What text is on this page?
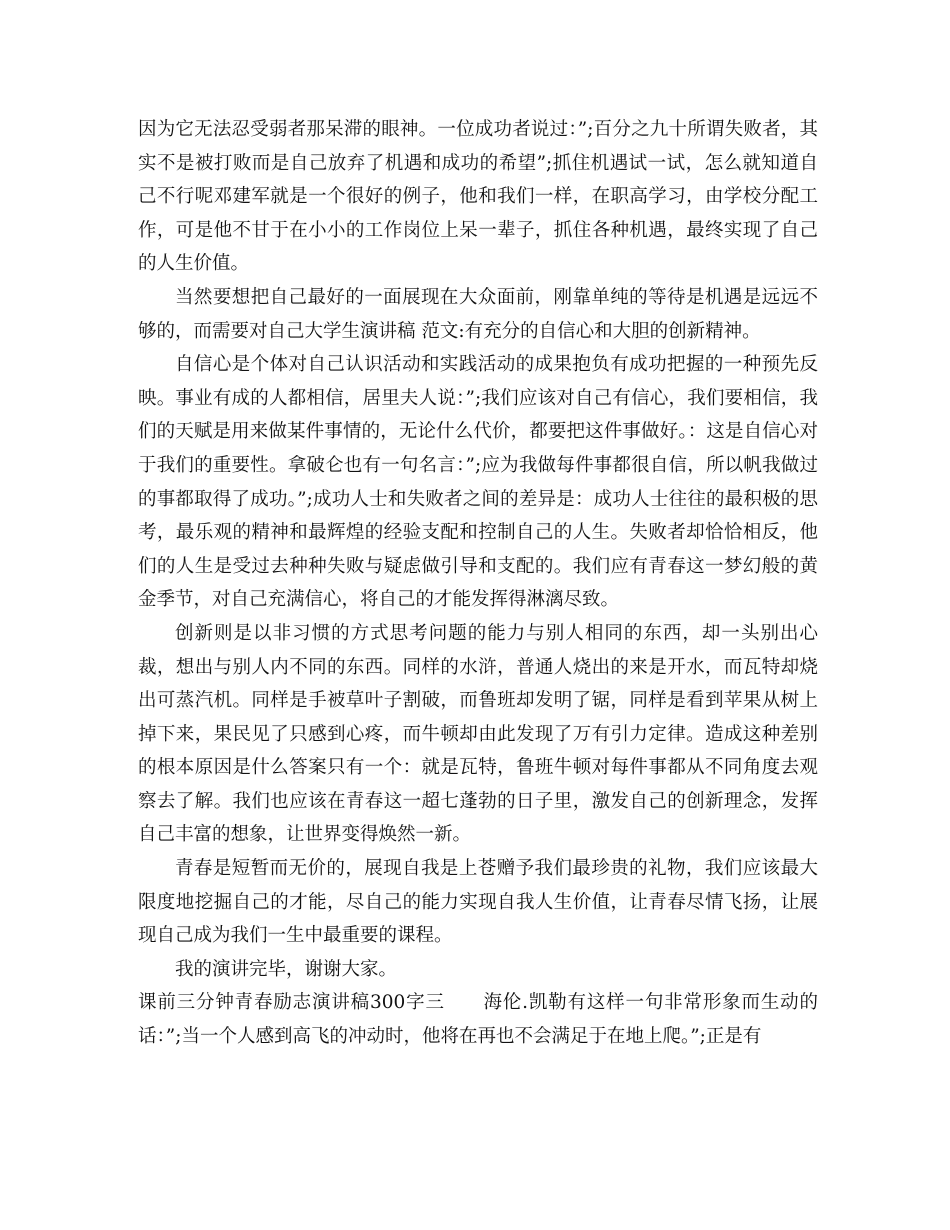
因为它无法忍受弱者那呆滞的眼神。一位成功者说过：”;百分之九十所谓失败者，其实不是被打败而是自己放弃了机遇和成功的希望”;抓住机遇试一试，怎么就知道自己不行呢邓建军就是一个很好的例子，他和我们一样，在职高学习，由学校分配工作，可是他不甘于在小小的工作岗位上呆一辈子，抓住各种机遇，最终实现了自己的人生价值。

当然要想把自己最好的一面展现在大众面前，刚靠单纯的等待是机遇是远远不够的，而需要对自己大学生演讲稿 范文:有充分的自信心和大胆的创新精神。

自信心是个体对自己认识活动和实践活动的成果抱负有成功把握的一种预先反映。事业有成的人都相信，居里夫人说：”;我们应该对自己有信心，我们要相信，我们的天赋是用来做某件事情的，无论什么代价，都要把这件事做好。：这是自信心对于我们的重要性。拿破仑也有一句名言：”;应为我做每件事都很自信，所以帆我做过的事都取得了成功。”;成功人士和失败者之间的差异是：成功人士往往的最积极的思考，最乐观的精神和最辉煌的经验支配和控制自己的人生。失败者却恰恰相反，他们的人生是受过去种种失败与疑虑做引导和支配的。我们应有青春这一梦幻般的黄金季节，对自己充满信心，将自己的才能发挥得淋漓尽致。

创新则是以非习惯的方式思考问题的能力与别人相同的东西，却一头别出心裁，想出与别人内不同的东西。同样的水浒，普通人烧出的来是开水，而瓦特却烧出可蒸汽机。同样是手被草叶子割破，而鲁班却发明了锯，同样是看到苹果从树上掉下来，果民见了只感到心疼，而牛顿却由此发现了万有引力定律。造成这种差别的根本原因是什么答案只有一个：就是瓦特，鲁班牛顿对每件事都从不同角度去观察去了解。我们也应该在青春这一超七蓬勃的日子里，激发自己的创新理念，发挥自己丰富的想象，让世界变得焕然一新。

青春是短暂而无价的，展现自我是上苍赠予我们最珍贵的礼物，我们应该最大限度地挖掘自己的才能，尽自己的能力实现自我人生价值，让青春尽情飞扬，让展现自己成为我们一生中最重要的课程。

我的演讲完毕，谢谢大家。

课前三分钟青春励志演讲稿300字三　　海伦.凯勒有这样一句非常形象而生动的话：”;当一个人感到高飞的冲动时，他将在再也不会满足于在地上爬。”;正是有
